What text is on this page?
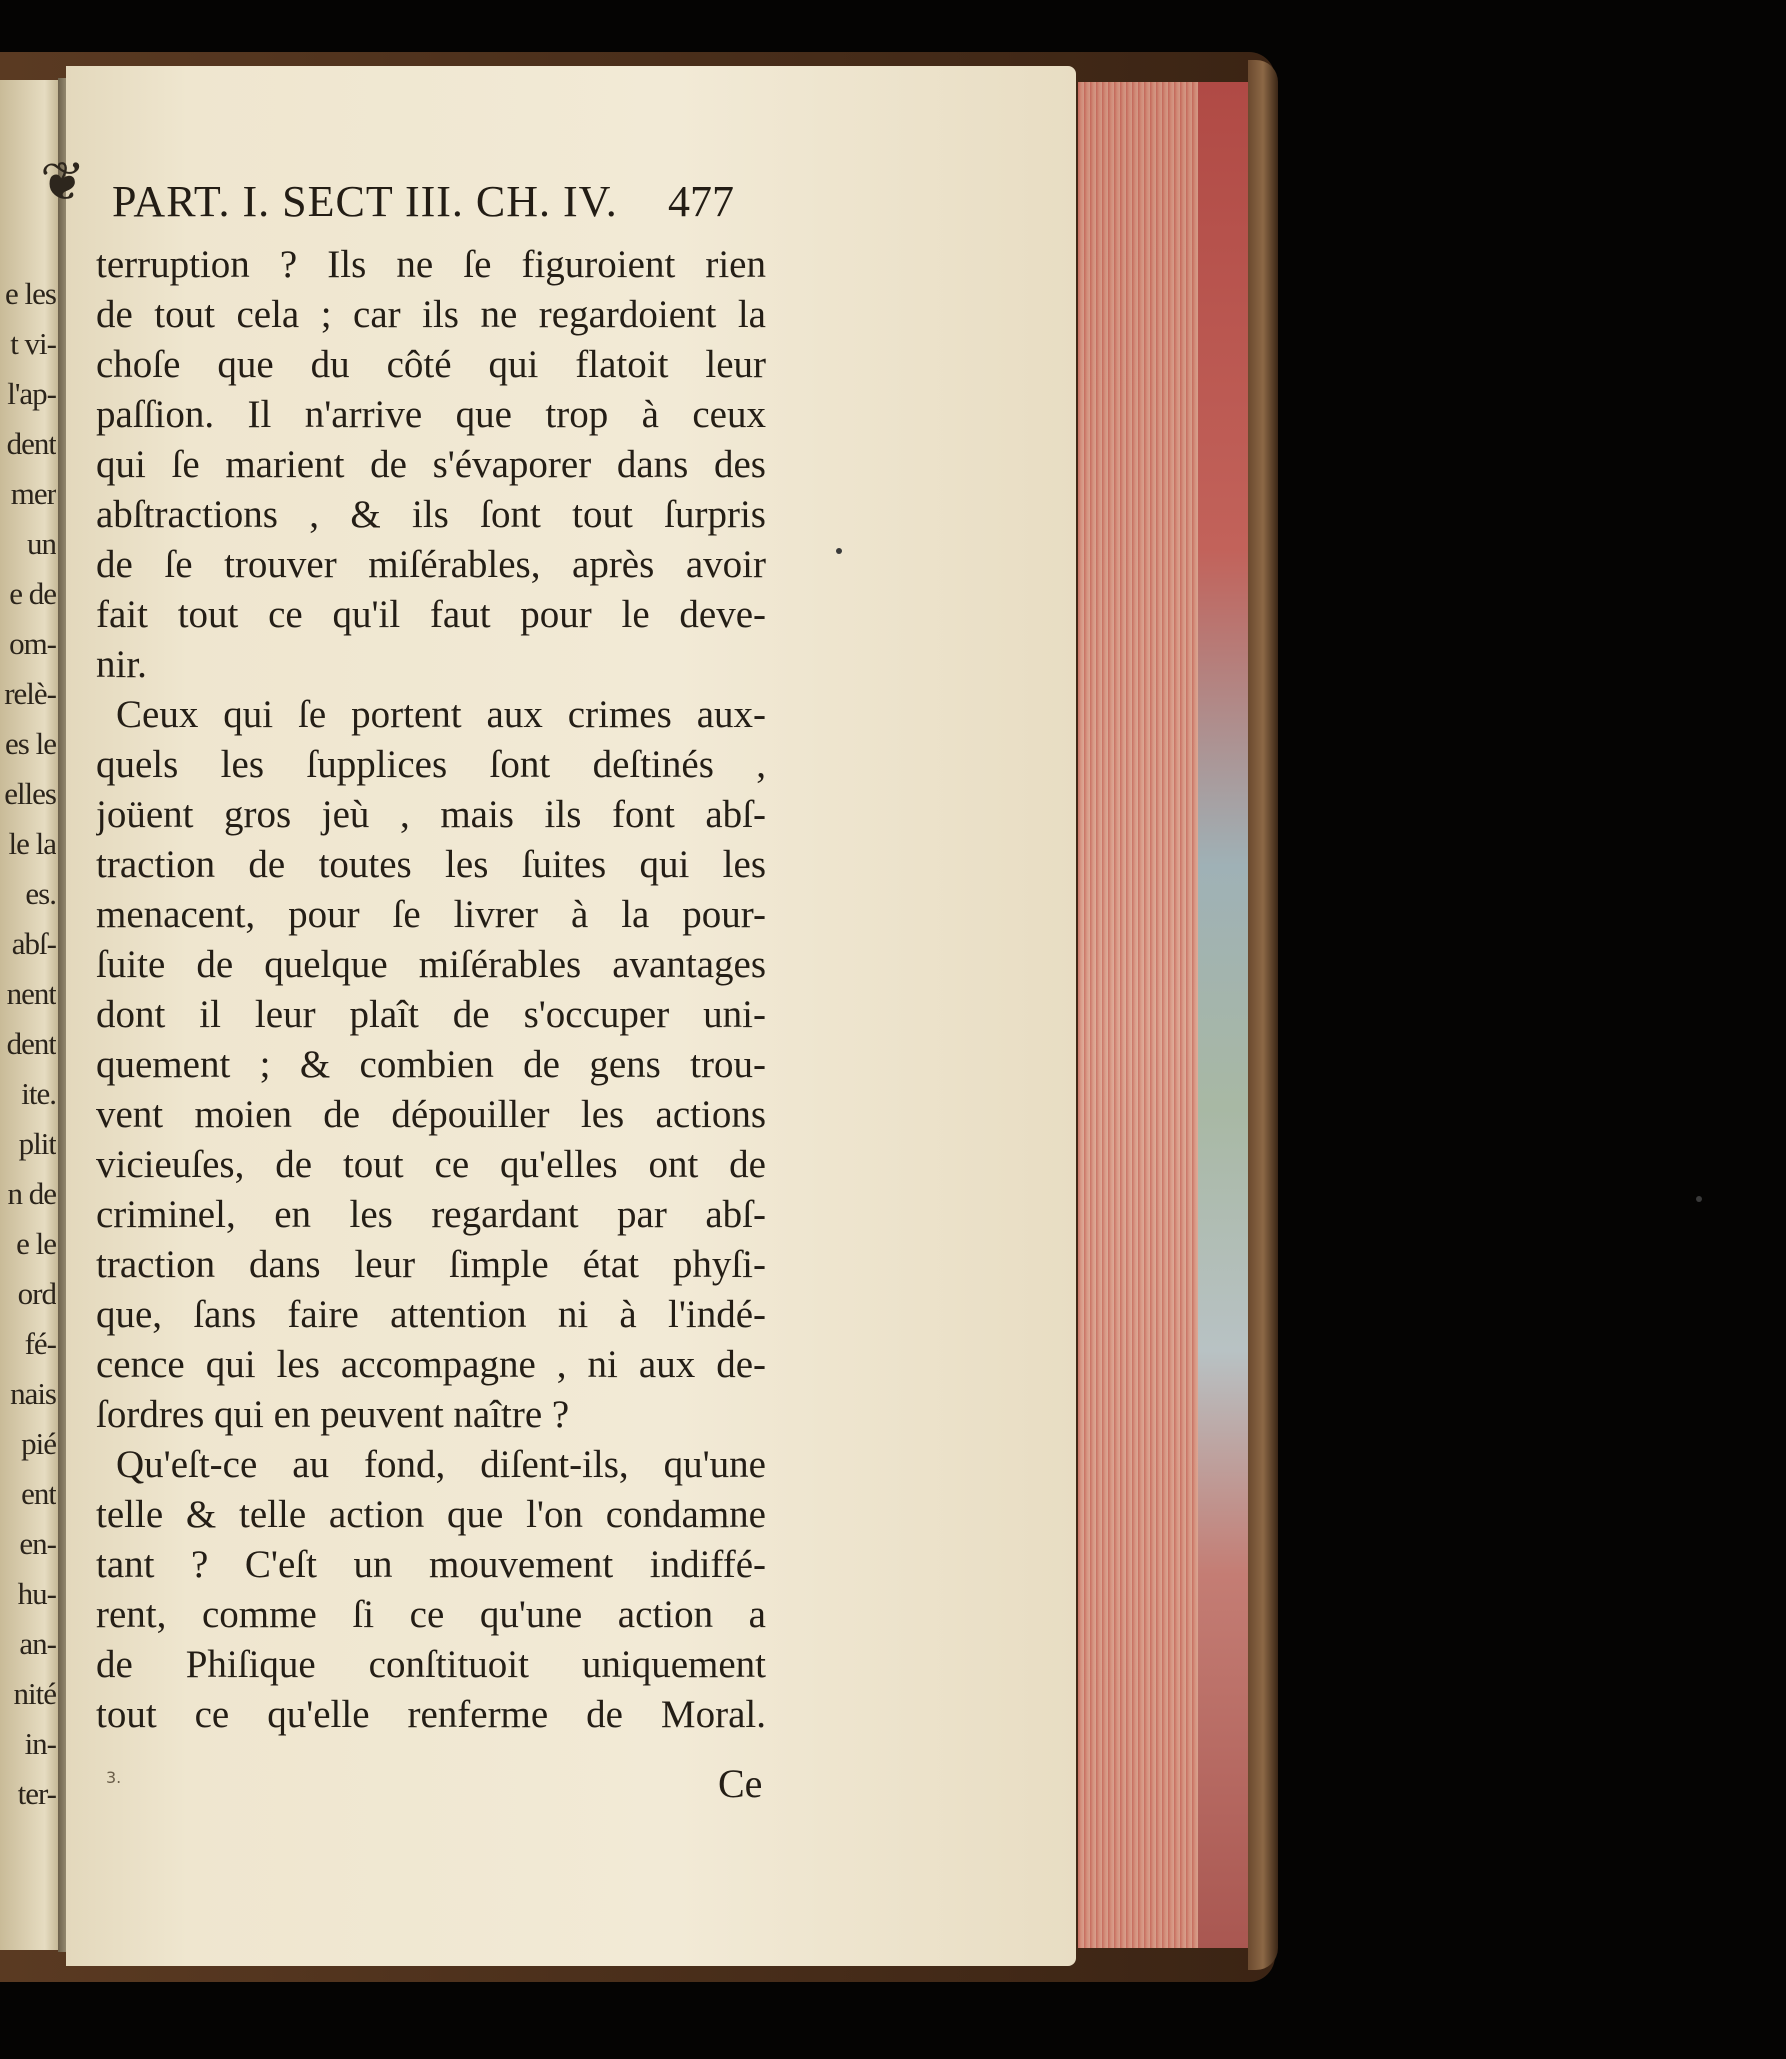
e les
t vi-
l'ap-
dent
mer
un
e de
om-
relè-
es le
elles
le la
es.
abſ-
nent
dent
ite.
plit
n de
e le
ord
fé-
nais
pié
ent
en-
hu-
an-
nité
in-
ter-
❦ PART. I. SECT III. CH. IV.	477
terruption ? Ils ne ſe figuroient rien
de tout cela ; car ils ne regardoient la
choſe que du côté qui flatoit leur
paſſion. Il n'arrive que trop à ceux
qui ſe marient de s'évaporer dans des
abſtractions , & ils ſont tout ſurpris
de ſe trouver miſérables, après avoir
fait tout ce qu'il faut pour le deve-
nir.
Ceux qui ſe portent aux crimes aux-
quels les ſupplices ſont deſtinés ,
joüent gros jeù , mais ils font abſ-
traction de toutes les ſuites qui les
menacent, pour ſe livrer à la pour-
ſuite de quelque miſérables avantages
dont il leur plaît de s'occuper uni-
quement ; & combien de gens trou-
vent moien de dépouiller les actions
vicieuſes, de tout ce qu'elles ont de
criminel, en les regardant par abſ-
traction dans leur ſimple état phyſi-
que, ſans faire attention ni à l'indé-
cence qui les accompagne , ni aux de-
ſordres qui en peuvent naître ?
Qu'eſt-ce au fond, diſent-ils, qu'une
telle & telle action que l'on condamne
tant ? C'eſt un mouvement indiffé-
rent, comme ſi ce qu'une action a
de Phiſique conſtituoit uniquement
tout ce qu'elle renferme de Moral.
3.	Ce
